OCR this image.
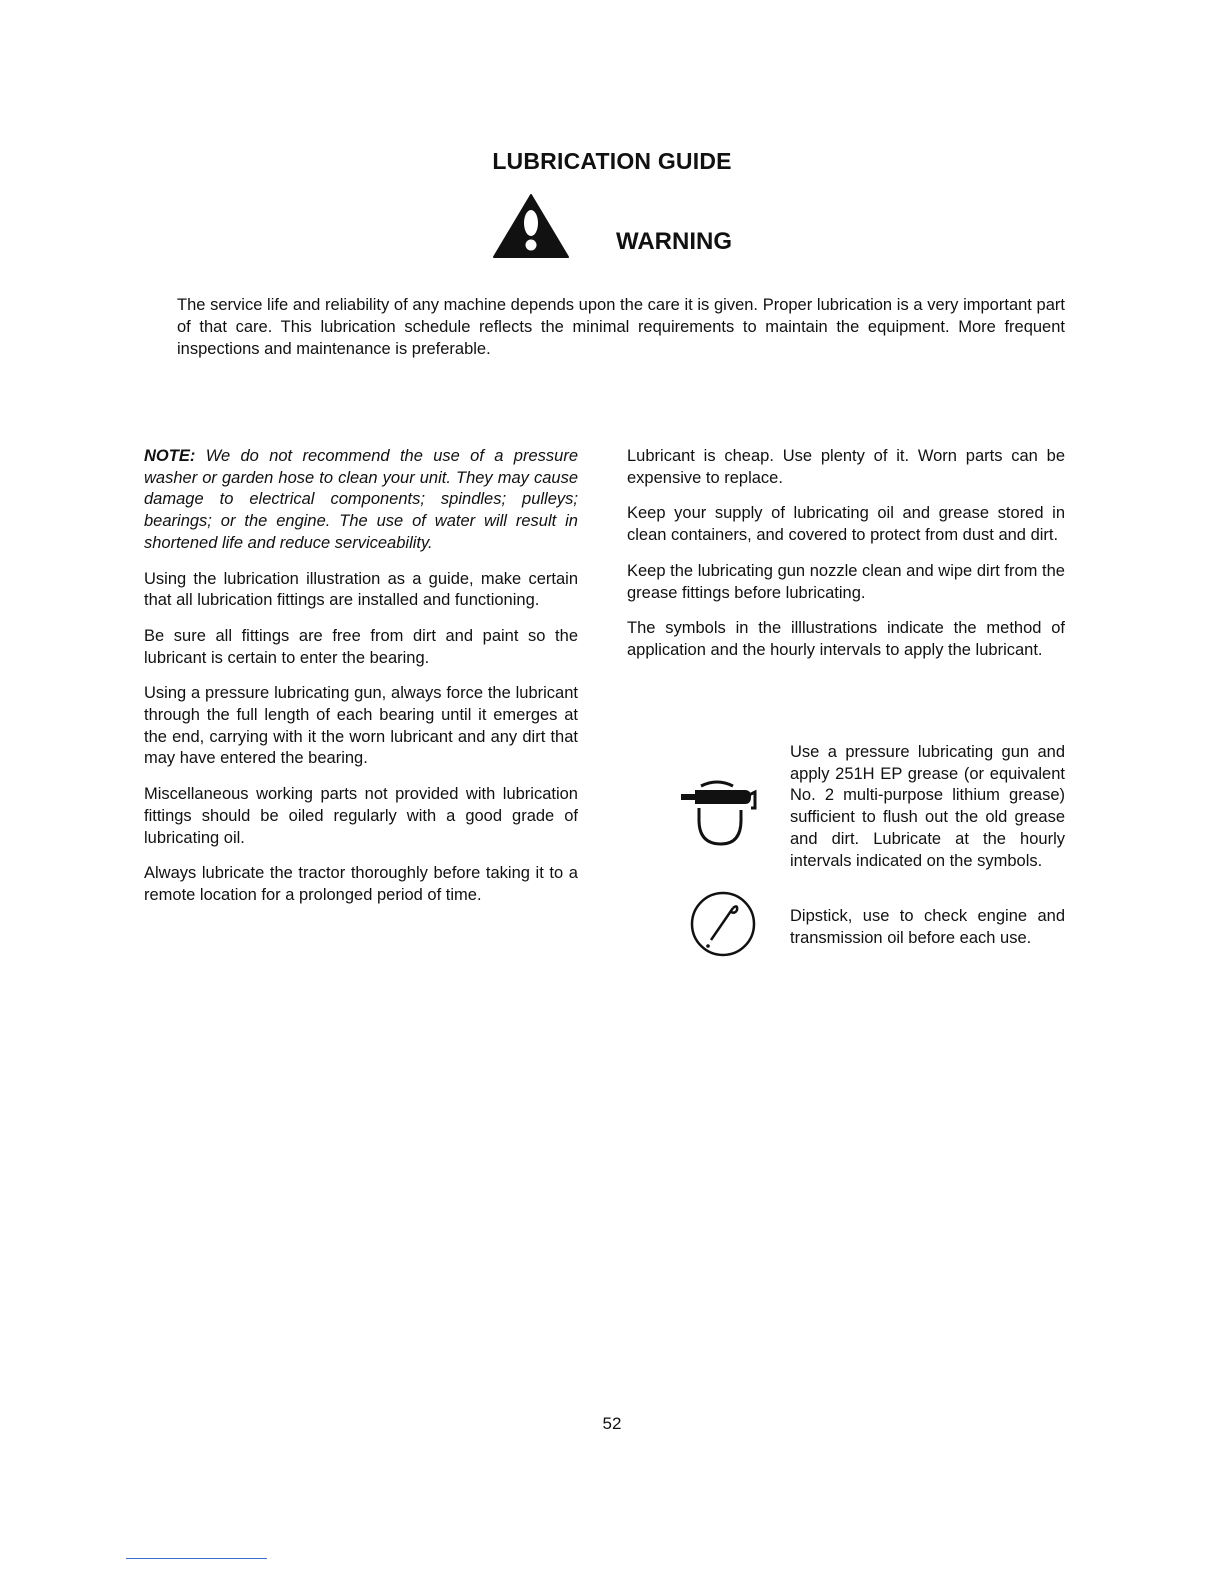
LUBRICATION GUIDE
WARNING
The service life and reliability of any machine depends upon the care it is given. Proper lubrication is a very important part of that care. This lubrication schedule reflects the minimal requirements to maintain the equipment. More frequent inspections and maintenance is preferable.

NOTE: We do not recommend the use of a pressure washer or garden hose to clean your unit. They may cause damage to electrical components; spindles; pulleys; bearings; or the engine. The use of water will result in shortened life and reduce serviceability.

Using the lubrication illustration as a guide, make certain that all lubrication fittings are installed and functioning.

Be sure all fittings are free from dirt and paint so the lubricant is certain to enter the bearing.

Using a pressure lubricating gun, always force the lubricant through the full length of each bearing until it emerges at the end, carrying with it the worn lubricant and any dirt that may have entered the bearing.

Miscellaneous working parts not provided with lubrication fittings should be oiled regularly with a good grade of lubricating oil.

Always lubricate the tractor thoroughly before taking it to a remote location for a prolonged period of time.

Lubricant is cheap. Use plenty of it. Worn parts can be expensive to replace.

Keep your supply of lubricating oil and grease stored in clean containers, and covered to protect from dust and dirt.

Keep the lubricating gun nozzle clean and wipe dirt from the grease fittings before lubricating.

The symbols in the illlustrations indicate the method of application and the hourly intervals to apply the lubricant.

Use a pressure lubricating gun and apply 251H EP grease (or equivalent No. 2 multi-purpose lithium grease) sufficient to flush out the old grease and dirt. Lubricate at the hourly intervals indicated on the symbols.
Dipstick, use to check engine and transmission oil before each use.
52
